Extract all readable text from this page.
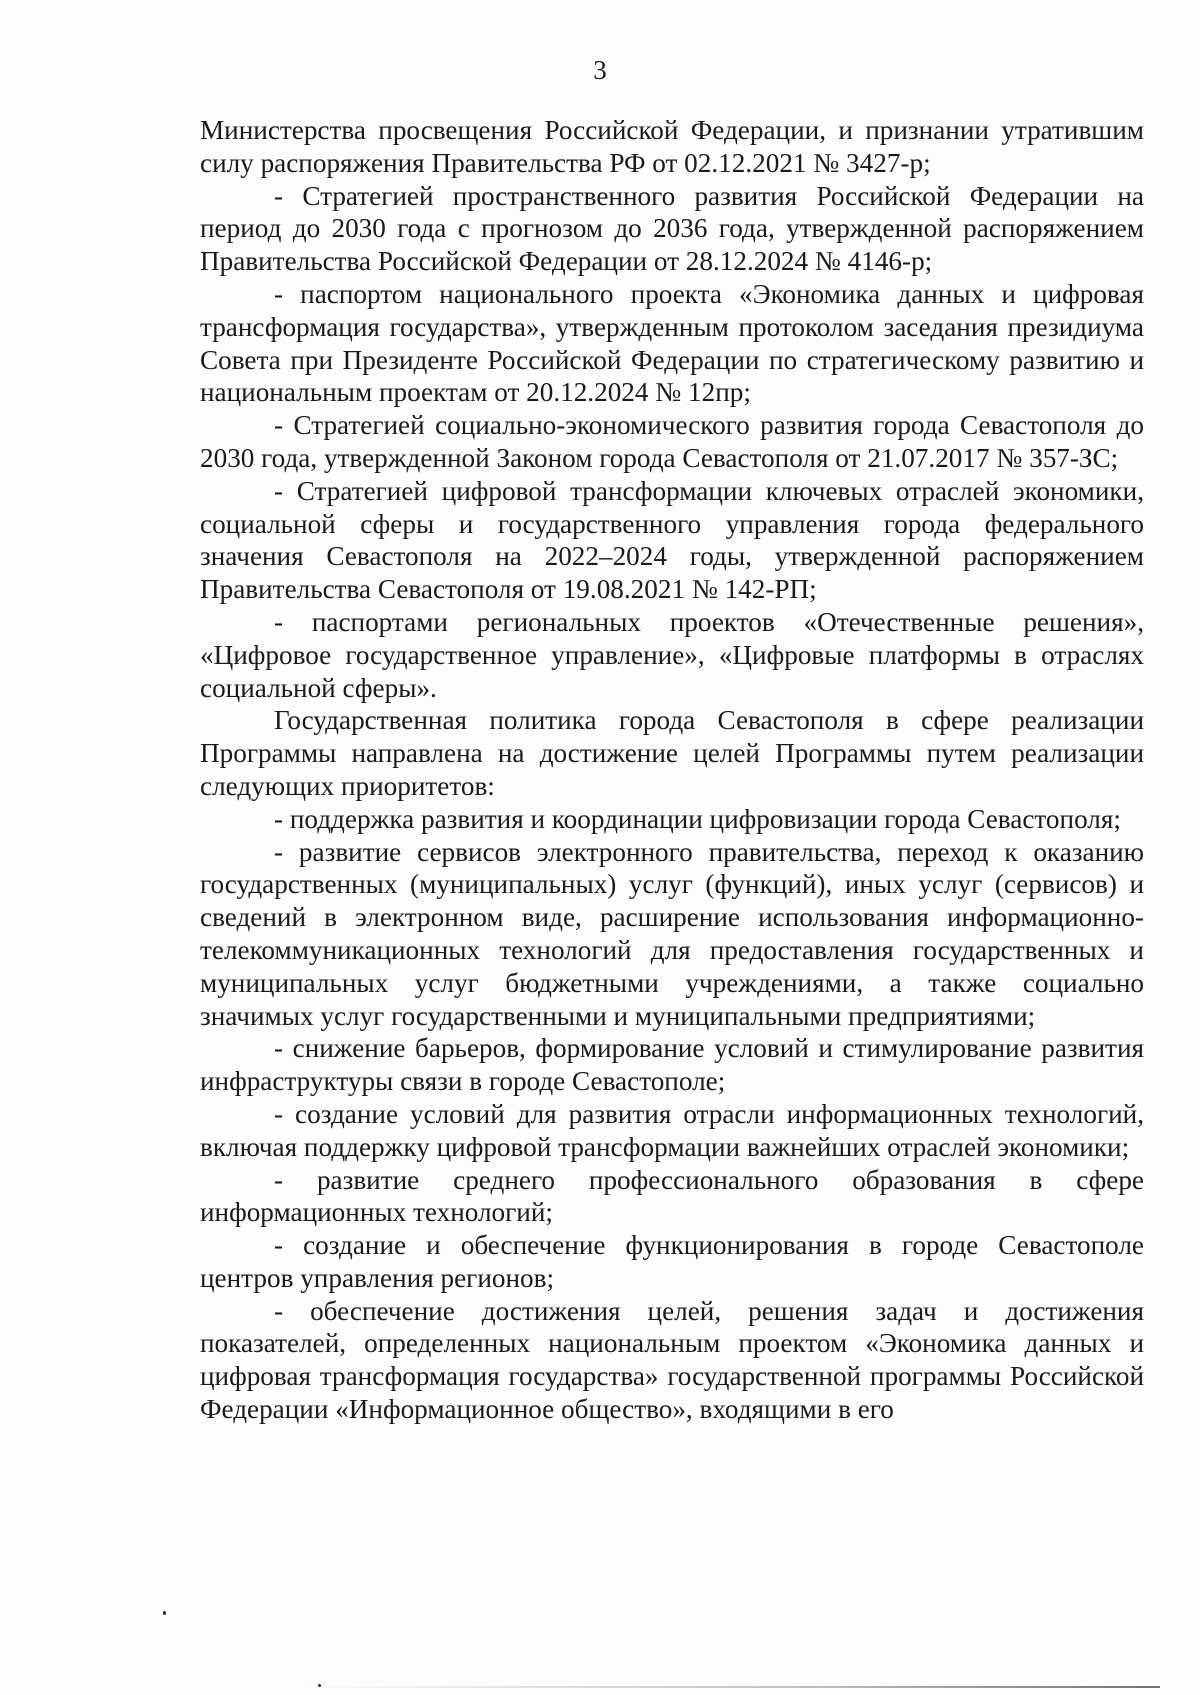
3

Министерства просвещения Российской Федерации, и признании утратившим силу распоряжения Правительства РФ от 02.12.2021 № 3427-р;

- Стратегией пространственного развития Российской Федерации на период до 2030 года с прогнозом до 2036 года, утвержденной распоряжением Правительства Российской Федерации от 28.12.2024 № 4146-р;

- паспортом национального проекта «Экономика данных и цифровая трансформация государства», утвержденным протоколом заседания президиума Совета при Президенте Российской Федерации по стратегическому развитию и национальным проектам от 20.12.2024 № 12пр;

- Стратегией социально-экономического развития города Севастополя до 2030 года, утвержденной Законом города Севастополя от 21.07.2017 № 357-ЗС;

- Стратегией цифровой трансформации ключевых отраслей экономики, социальной сферы и государственного управления города федерального значения Севастополя на 2022–2024 годы, утвержденной распоряжением Правительства Севастополя от 19.08.2021 № 142-РП;

- паспортами региональных проектов «Отечественные решения», «Цифровое государственное управление», «Цифровые платформы в отраслях социальной сферы».

Государственная политика города Севастополя в сфере реализации Программы направлена на достижение целей Программы путем реализации следующих приоритетов:

- поддержка развития и координации цифровизации города Севастополя;

- развитие сервисов электронного правительства, переход к оказанию государственных (муниципальных) услуг (функций), иных услуг (сервисов) и сведений в электронном виде, расширение использования информационно-телекоммуникационных технологий для предоставления государственных и муниципальных услуг бюджетными учреждениями, а также социально значимых услуг государственными и муниципальными предприятиями;

- снижение барьеров, формирование условий и стимулирование развития инфраструктуры связи в городе Севастополе;

- создание условий для развития отрасли информационных технологий, включая поддержку цифровой трансформации важнейших отраслей экономики;

- развитие среднего профессионального образования в сфере информационных технологий;

- создание и обеспечение функционирования в городе Севастополе центров управления регионов;

- обеспечение достижения целей, решения задач и достижения показателей, определенных национальным проектом «Экономика данных и цифровая трансформация государства» государственной программы Российской Федерации «Информационное общество», входящими в его
